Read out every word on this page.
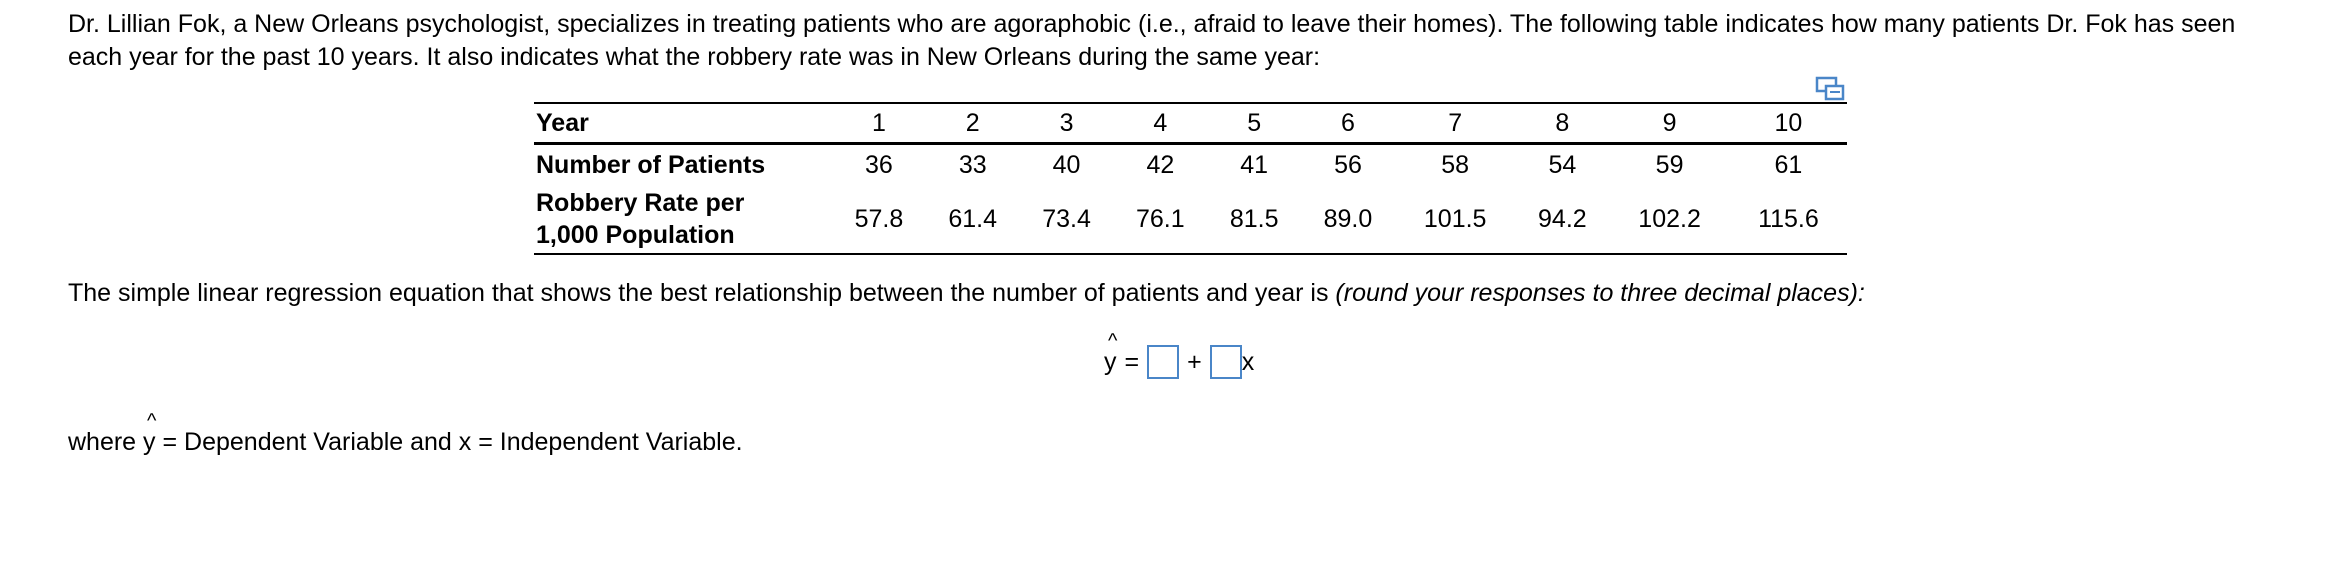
Dr. Lillian Fok, a New Orleans psychologist, specializes in treating patients who are agoraphobic (i.e., afraid to leave their homes). The following table indicates how many patients Dr. Fok has seen each year for the past 10 years. It also indicates what the robbery rate was in New Orleans during the same year:
Year	1	2	3	4	5	6	7	8	9	10
Number of Patients	36	33	40	42	41	56	58	54	59	61
Robbery Rate per
1,000 Population	57.8	61.4	73.4	76.1	81.5	89.0	101.5	94.2	102.2	115.6
The simple linear regression equation that shows the best relationship between the number of patients and year is (round your responses to three decimal places):
^
y = + x
where
^
y = Dependent Variable and x = Independent Variable.
